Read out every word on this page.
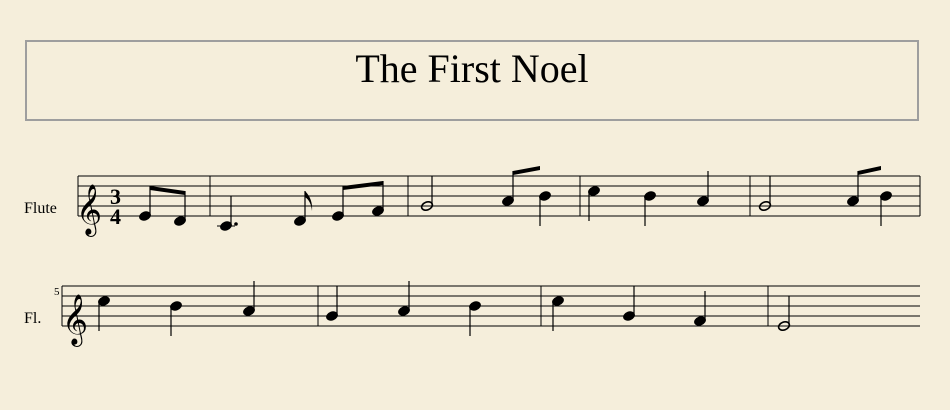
The First Noel
Flute 𝄞 3
4
5
Fl. 𝄞
